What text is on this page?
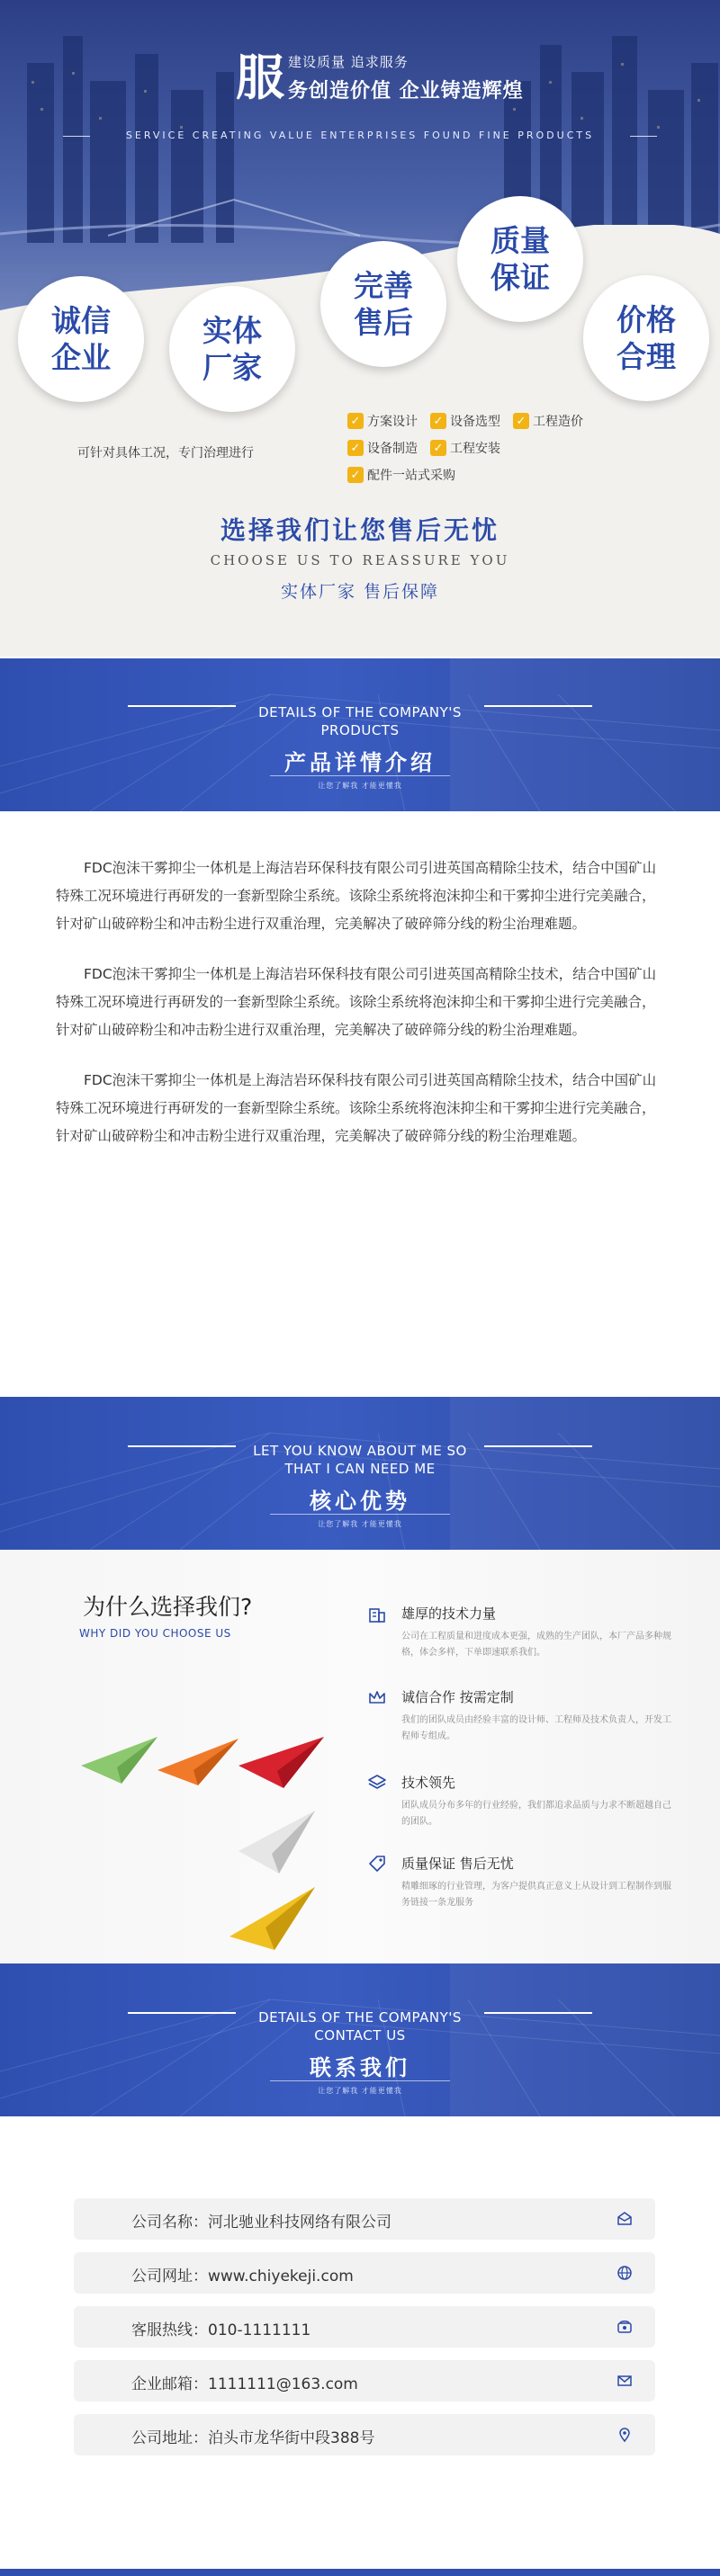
服 建设质量 追求服务
务创造价值 企业铸造辉煌
SERVICE CREATING VALUE ENTERPRISES FOUND FINE PRODUCTS
诚信
企业
实体
厂家
完善
售后
质量
保证
价格
合理
可针对具体工况，专门治理进行
✓ 方案设计 ✓ 设备选型 ✓ 工程造价
✓ 设备制造 ✓ 工程安装
✓ 配件一站式采购
选择我们让您售后无忧
CHOOSE US TO REASSURE YOU
实体厂家 售后保障
DETAILS OF THE COMPANY'S
PRODUCTS
产品详情介绍
让您了解我 才能更懂我

FDC泡沫干雾抑尘一体机是上海洁岩环保科技有限公司引进英国高精除尘技术，结合中国矿山特殊工况环境进行再研发的一套新型除尘系统。该除尘系统将泡沫抑尘和干雾抑尘进行完美融合，针对矿山破碎粉尘和冲击粉尘进行双重治理，完美解决了破碎筛分线的粉尘治理难题。

FDC泡沫干雾抑尘一体机是上海洁岩环保科技有限公司引进英国高精除尘技术，结合中国矿山特殊工况环境进行再研发的一套新型除尘系统。该除尘系统将泡沫抑尘和干雾抑尘进行完美融合，针对矿山破碎粉尘和冲击粉尘进行双重治理，完美解决了破碎筛分线的粉尘治理难题。

FDC泡沫干雾抑尘一体机是上海洁岩环保科技有限公司引进英国高精除尘技术，结合中国矿山特殊工况环境进行再研发的一套新型除尘系统。该除尘系统将泡沫抑尘和干雾抑尘进行完美融合，针对矿山破碎粉尘和冲击粉尘进行双重治理，完美解决了破碎筛分线的粉尘治理难题。

LET YOU KNOW ABOUT ME SO
THAT I CAN NEED ME
核心优势
让您了解我 才能更懂我
为什么选择我们?
WHY DID YOU CHOOSE US
雄厚的技术力量
公司在工程质量和进度成本更强，成熟的生产团队，本厂产品多种规格，体会多样，下单即速联系我们。
诚信合作 按需定制
我们的团队成员由经验丰富的设计师、工程师及技术负责人，开发工程师专组成。
技术领先
团队成员分布多年的行业经验，我们都追求品质与力求不断超越自己的团队。
质量保证 售后无忧
精雕细琢的行业管理，为客户提供真正意义上从设计到工程制作到服务链接一条龙服务
DETAILS OF THE COMPANY'S
CONTACT US
联系我们
让您了解我 才能更懂我
公司名称：河北驰业科技网络有限公司
公司网址：www.chiyekeji.com
客服热线：010-1111111
企业邮箱：1111111@163.com
公司地址：泊头市龙华街中段388号
